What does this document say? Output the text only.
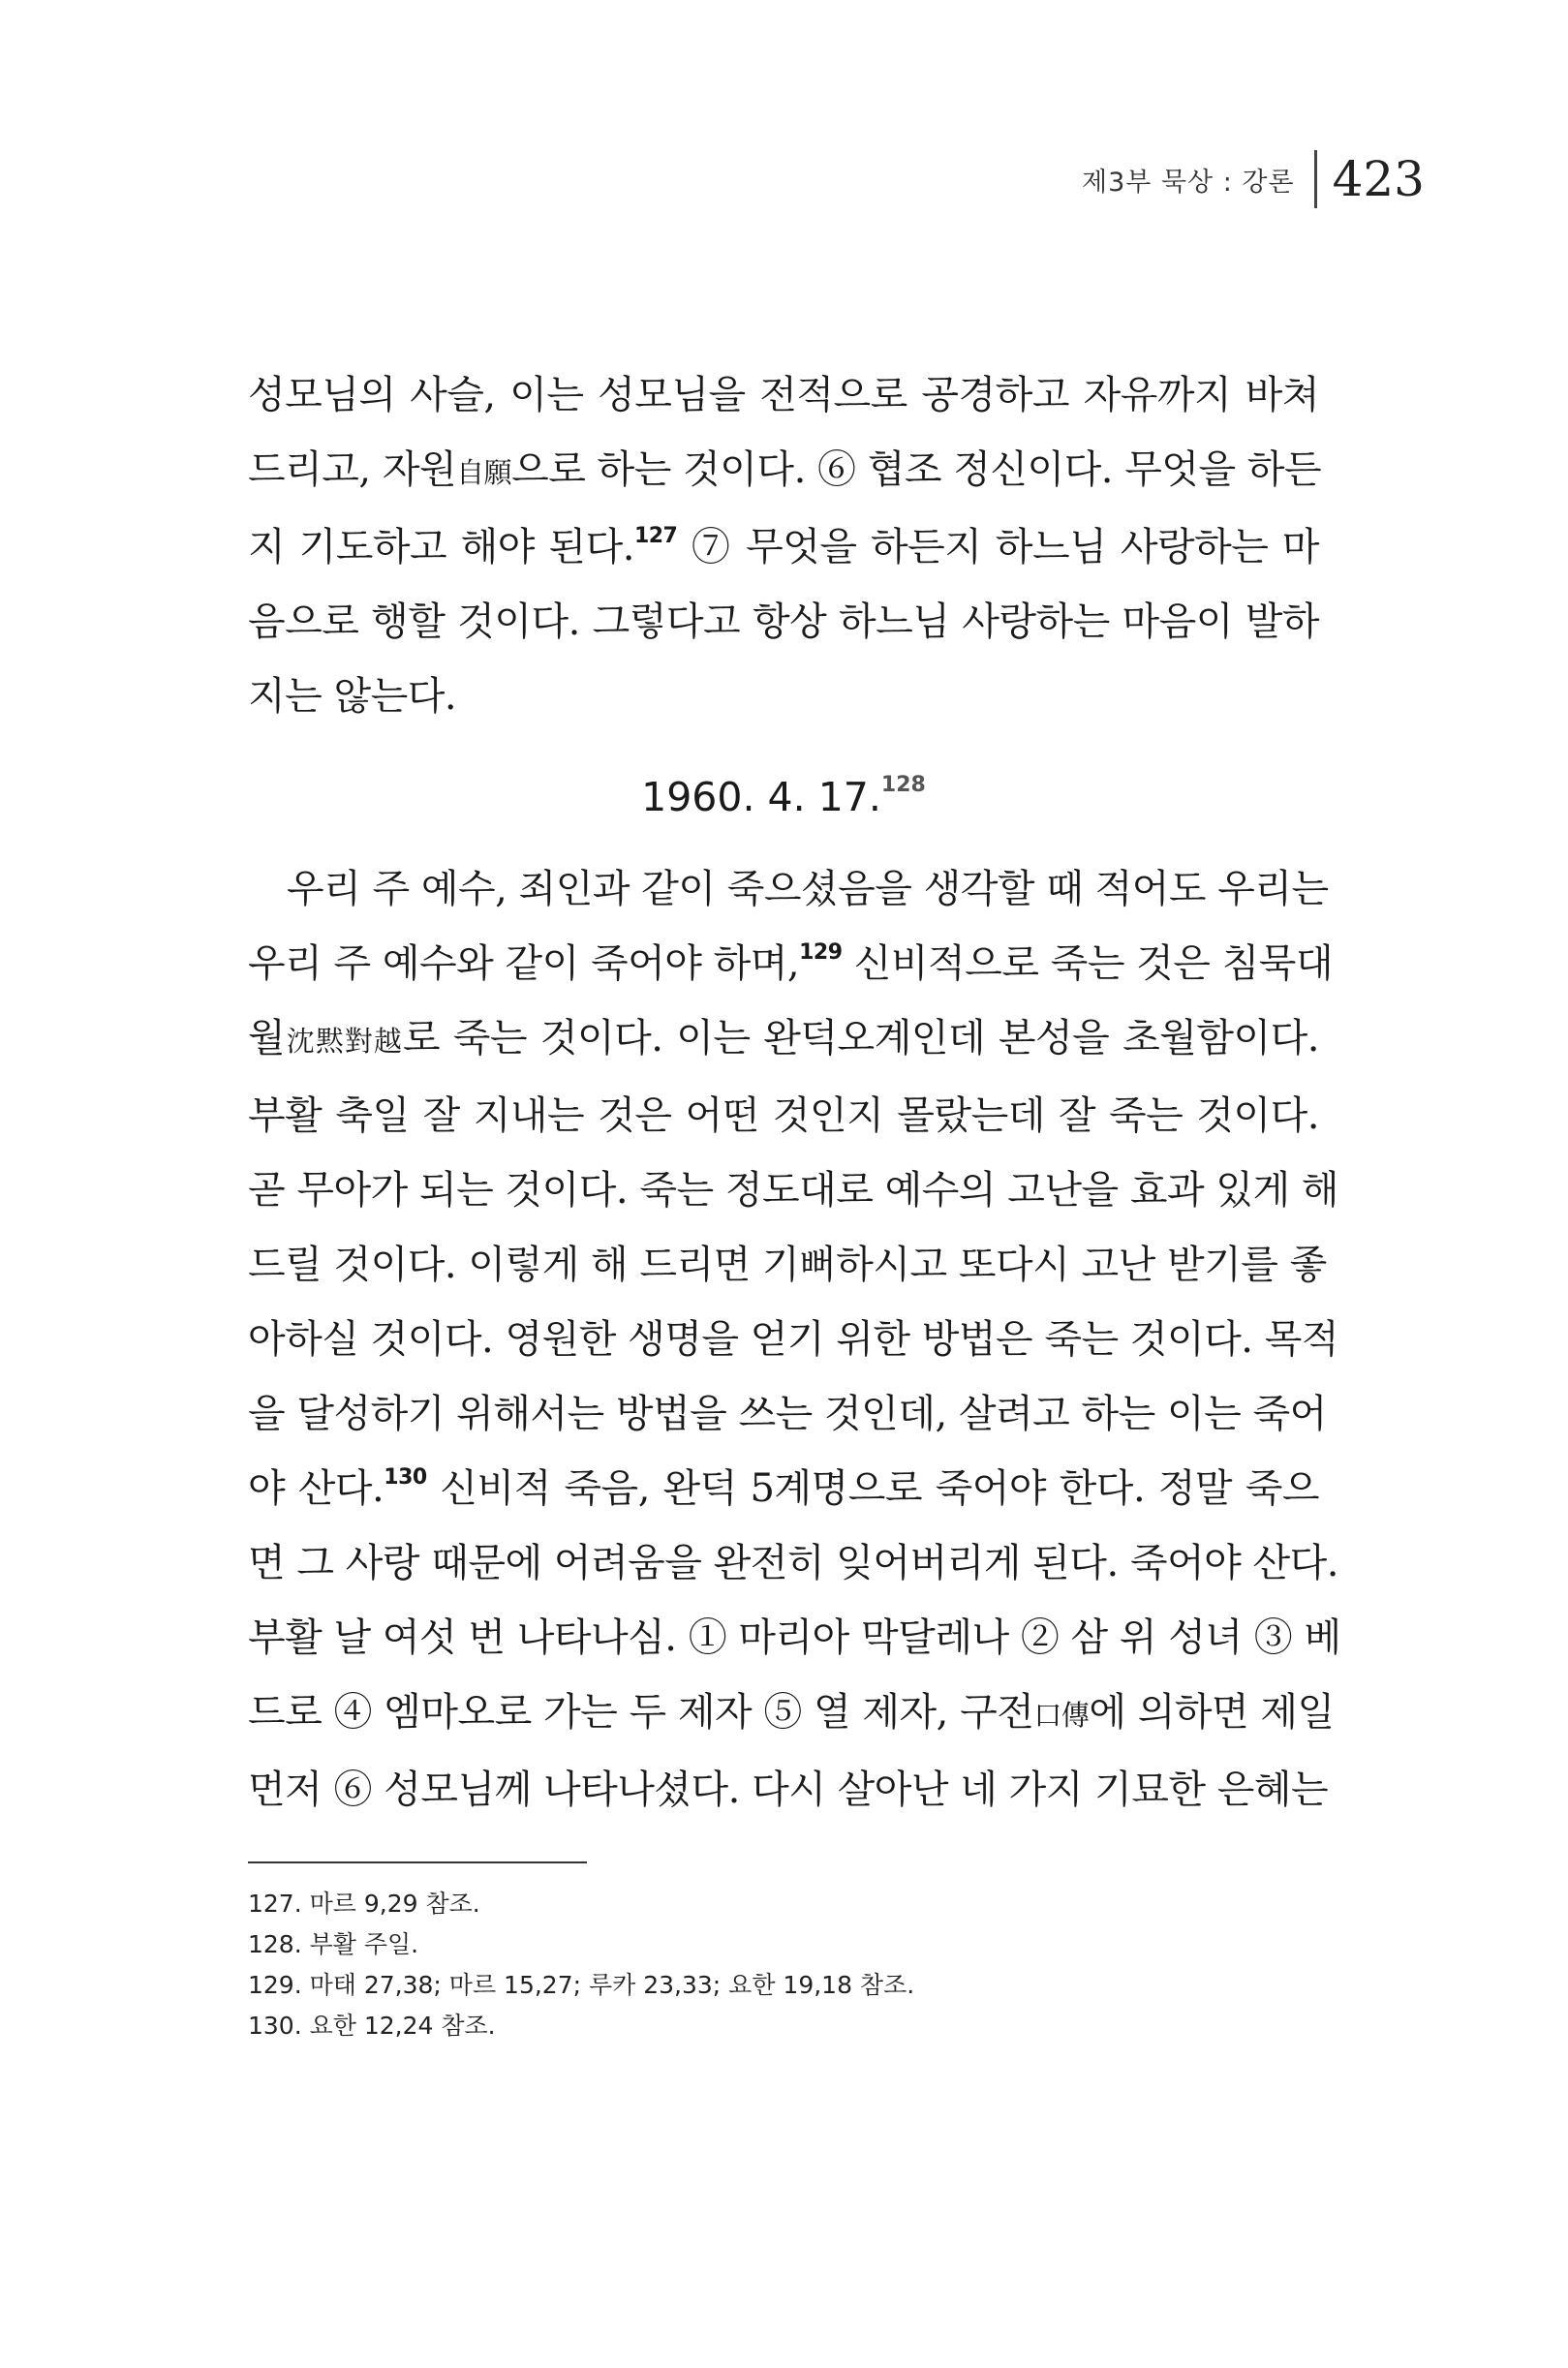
제3부 묵상 : 강론 423

성모님의 사슬, 이는 성모님을 전적으로 공경하고 자유까지 바쳐
드리고, 자원自願으로 하는 것이다. ⑥ 협조 정신이다. 무엇을 하든
지 기도하고 해야 된다.$^{127}$ ⑦ 무엇을 하든지 하느님 사랑하는 마
음으로 행할 것이다. 그렇다고 항상 하느님 사랑하는 마음이 발하
지는 않는다.

1960. 4. 17.$^{128}$

우리 주 예수, 죄인과 같이 죽으셨음을 생각할 때 적어도 우리는
우리 주 예수와 같이 죽어야 하며,$^{129}$ 신비적으로 죽는 것은 침묵대
월沈黙對越로 죽는 것이다. 이는 완덕오계인데 본성을 초월함이다.
부활 축일 잘 지내는 것은 어떤 것인지 몰랐는데 잘 죽는 것이다.
곧 무아가 되는 것이다. 죽는 정도대로 예수의 고난을 효과 있게 해
드릴 것이다. 이렇게 해 드리면 기뻐하시고 또다시 고난 받기를 좋
아하실 것이다. 영원한 생명을 얻기 위한 방법은 죽는 것이다. 목적
을 달성하기 위해서는 방법을 쓰는 것인데, 살려고 하는 이는 죽어
야 산다.$^{130}$ 신비적 죽음, 완덕 5계명으로 죽어야 한다. 정말 죽으
면 그 사랑 때문에 어려움을 완전히 잊어버리게 된다. 죽어야 산다.
부활 날 여섯 번 나타나심. ① 마리아 막달레나 ② 삼 위 성녀 ③ 베
드로 ④ 엠마오로 가는 두 제자 ⑤ 열 제자, 구전口傳에 의하면 제일
먼저 ⑥ 성모님께 나타나셨다. 다시 살아난 네 가지 기묘한 은혜는

127. 마르 9,29 참조.
128. 부활 주일.
129. 마태 27,38; 마르 15,27; 루카 23,33; 요한 19,18 참조.
130. 요한 12,24 참조.
